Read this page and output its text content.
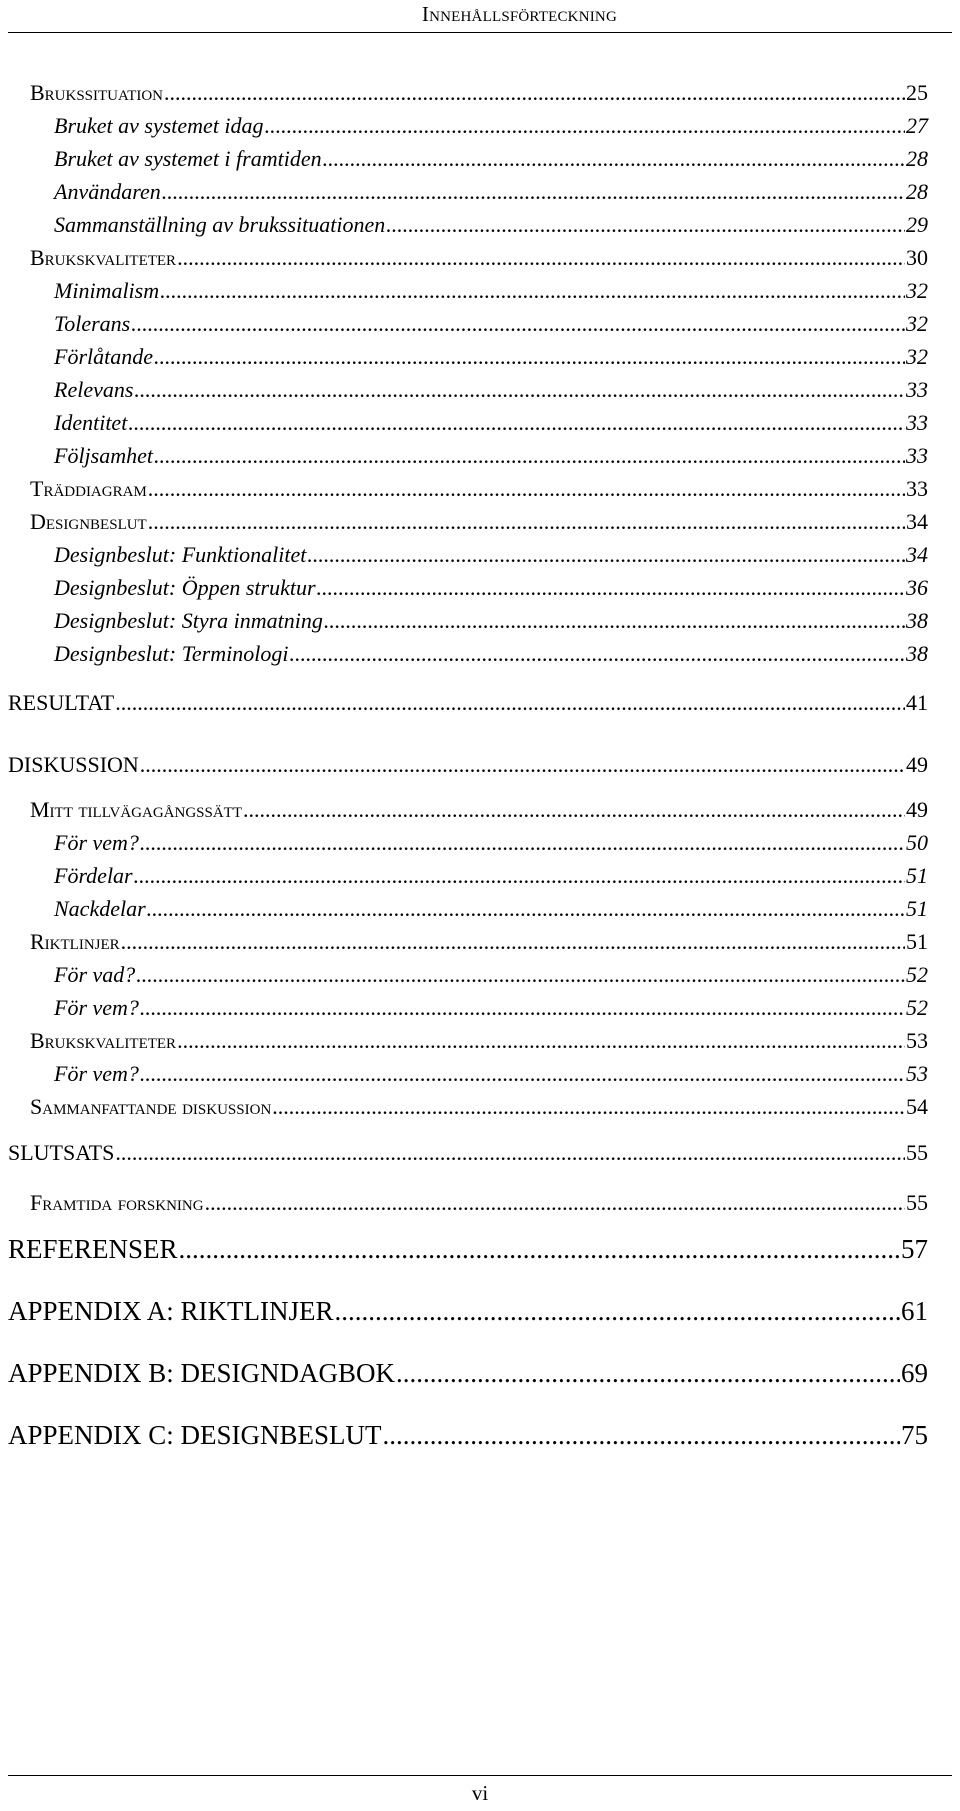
Innehållsförteckning
Brukssituation .....	25
Bruket av systemet idag .....	27
Bruket av systemet i framtiden .....	28
Användaren .....	28
Sammanställning av brukssituationen .....	29
Brukskvaliteter .....	30
Minimalism .....	32
Tolerans .....	32
Förlåtande .....	32
Relevans .....	33
Identitet .....	33
Följsamhet .....	33
Träddiagram .....	33
Designbeslut .....	34
Designbeslut: Funktionalitet .....	34
Designbeslut: Öppen struktur .....	36
Designbeslut: Styra inmatning .....	38
Designbeslut: Terminologi .....	38
RESULTAT .....	41
DISKUSSION .....	49
Mitt tillvägagångssätt .....	49
För vem? .....	50
Fördelar .....	51
Nackdelar .....	51
Riktlinjer .....	51
För vad? .....	52
För vem? .....	52
Brukskvaliteter .....	53
För vem? .....	53
Sammanfattande diskussion .....	54
SLUTSATS .....	55
Framtida forskning .....	55
REFERENSER .....	57
APPENDIX A: RIKTLINJER .....	61
APPENDIX B: DESIGNDAGBOK .....	69
APPENDIX C: DESIGNBESLUT .....	75
vi
